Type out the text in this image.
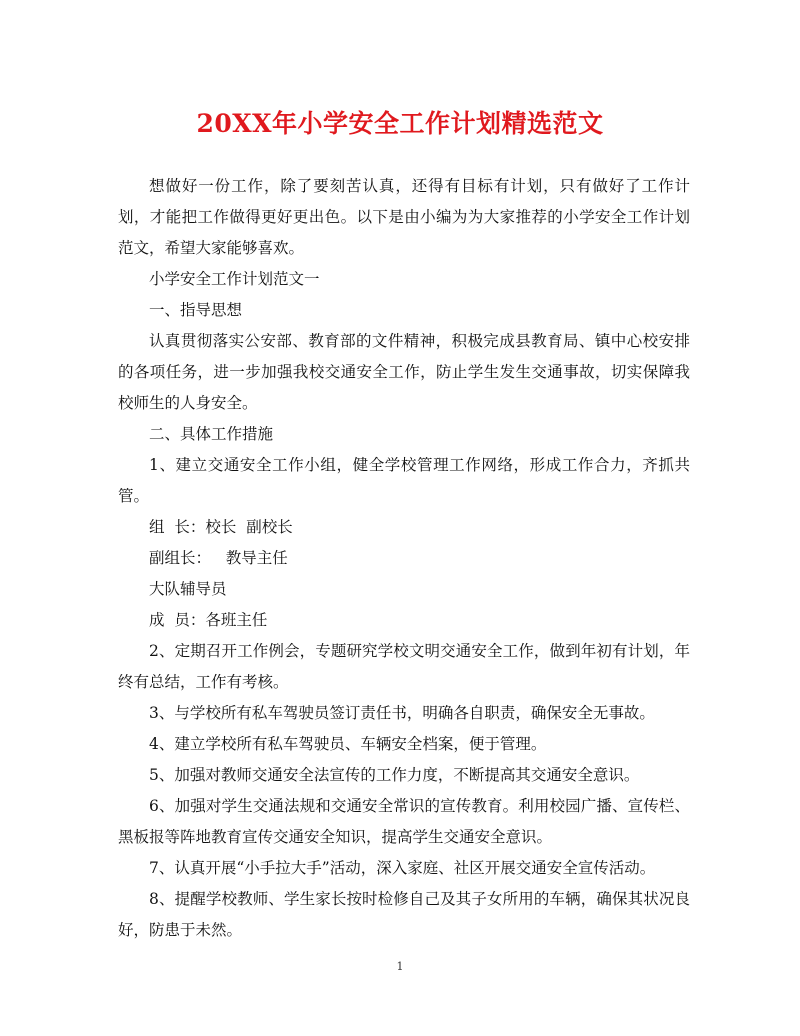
20XX年小学安全工作计划精选范文

想做好一份工作，除了要刻苦认真，还得有目标有计划，只有做好了工作计划，才能把工作做得更好更出色。以下是由小编为为大家推荐的小学安全工作计划范文，希望大家能够喜欢。

小学安全工作计划范文一

一、指导思想

认真贯彻落实公安部、教育部的文件精神，积极完成县教育局、镇中心校安排的各项任务，进一步加强我校交通安全工作，防止学生发生交通事故，切实保障我校师生的人身安全。

二、具体工作措施

1、建立交通安全工作小组，健全学校管理工作网络，形成工作合力，齐抓共管。

组  长：校长  副校长

副组长：   教导主任

大队辅导员

成  员：各班主任

2、定期召开工作例会，专题研究学校文明交通安全工作，做到年初有计划，年终有总结，工作有考核。

3、与学校所有私车驾驶员签订责任书，明确各自职责，确保安全无事故。

4、建立学校所有私车驾驶员、车辆安全档案，便于管理。

5、加强对教师交通安全法宣传的工作力度，不断提高其交通安全意识。

6、加强对学生交通法规和交通安全常识的宣传教育。利用校园广播、宣传栏、黑板报等阵地教育宣传交通安全知识，提高学生交通安全意识。

7、认真开展“小手拉大手”活动，深入家庭、社区开展交通安全宣传活动。

8、提醒学校教师、学生家长按时检修自己及其子女所用的车辆，确保其状况良好，防患于未然。

1
